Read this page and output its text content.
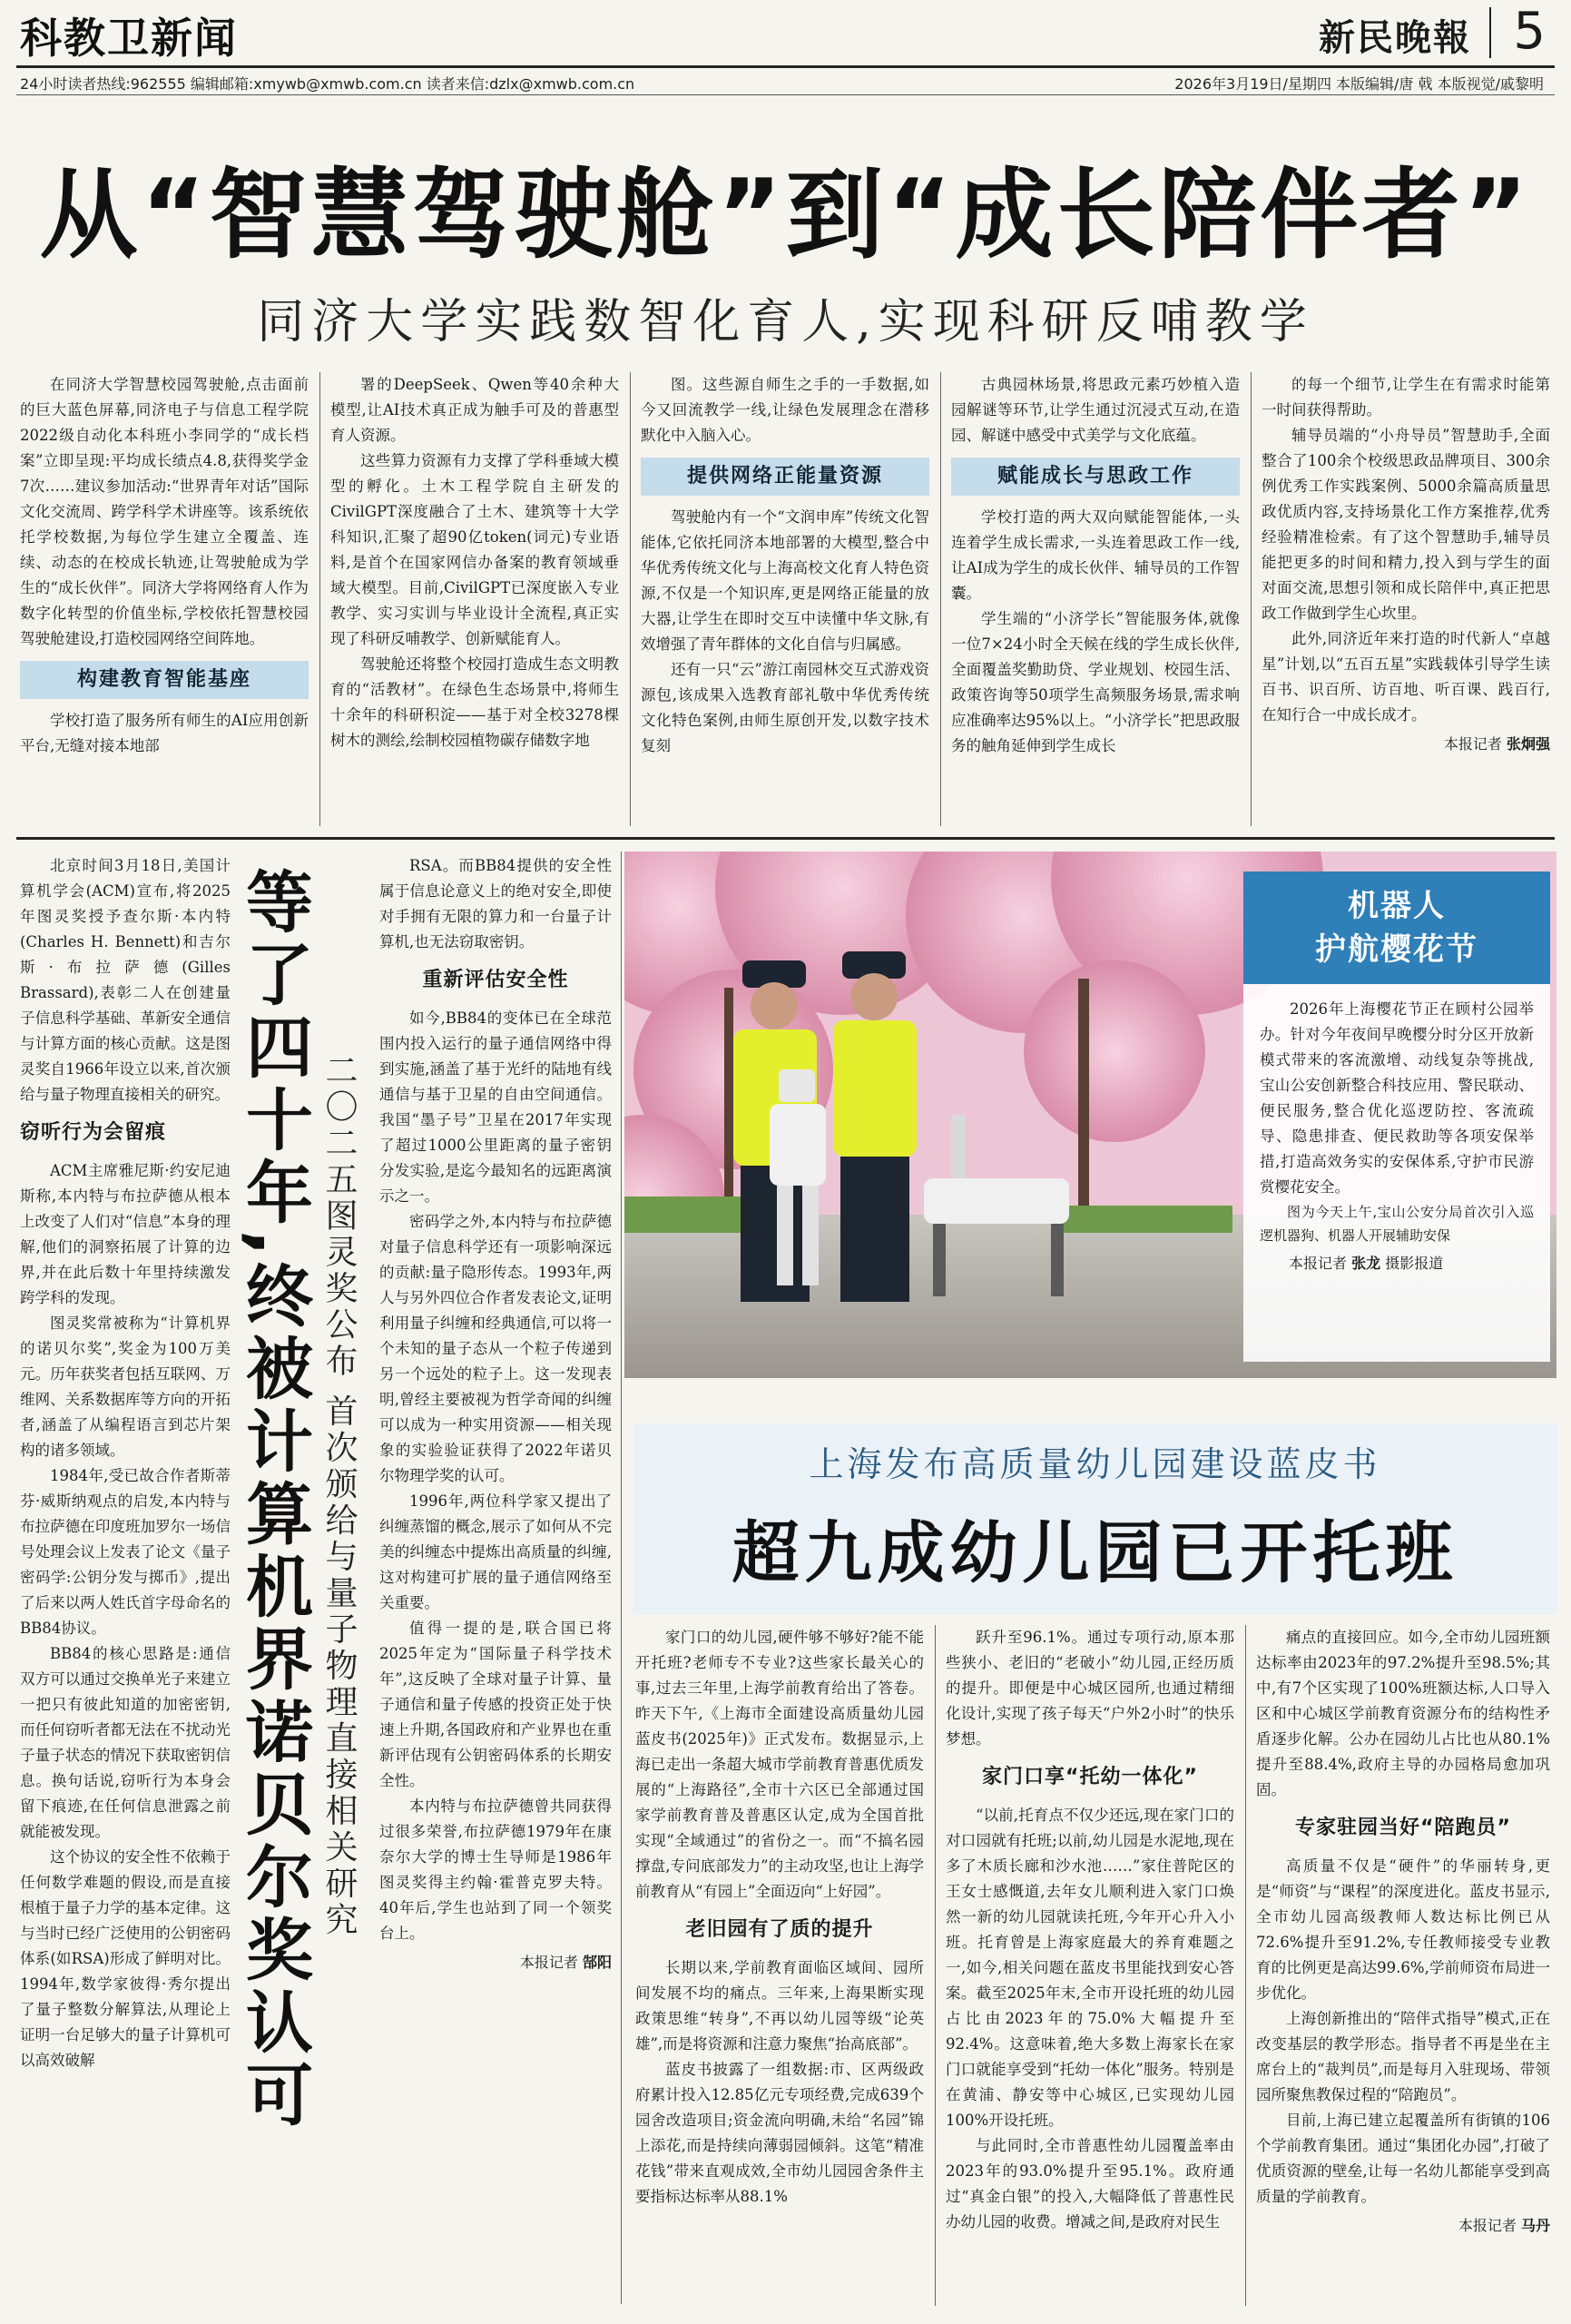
科教卫新闻	新民晚報 5
24小时读者热线:962555 编辑邮箱:xmywb@xmwb.com.cn 读者来信:dzlx@xmwb.com.cn	2026年3月19日/星期四 本版编辑/唐 戟 本版视觉/戚黎明
从“智慧驾驶舱”到“成长陪伴者”
同济大学实践数智化育人,实现科研反哺教学

在同济大学智慧校园驾驶舱,点击面前的巨大蓝色屏幕,同济电子与信息工程学院2022级自动化本科班小李同学的“成长档案”立即呈现:平均成长绩点4.8,获得奖学金7次……建议参加活动:“世界青年对话”国际文化交流周、跨学科学术讲座等。该系统依托学校数据,为每位学生建立全覆盖、连续、动态的在校成长轨迹,让驾驶舱成为学生的“成长伙伴”。同济大学将网络育人作为数字化转型的价值坐标,学校依托智慧校园驾驶舱建设,打造校园网络空间阵地。

构建教育智能基座

学校打造了服务所有师生的AI应用创新平台,无缝对接本地部

署的DeepSeek、Qwen等40余种大模型,让AI技术真正成为触手可及的普惠型育人资源。

这些算力资源有力支撑了学科垂域大模型的孵化。土木工程学院自主研发的CivilGPT深度融合了土木、建筑等十大学科知识,汇聚了超90亿token(词元)专业语料,是首个在国家网信办备案的教育领域垂域大模型。目前,CivilGPT已深度嵌入专业教学、实习实训与毕业设计全流程,真正实现了科研反哺教学、创新赋能育人。

驾驶舱还将整个校园打造成生态文明教育的“活教材”。在绿色生态场景中,将师生十余年的科研积淀——基于对全校3278棵树木的测绘,绘制校园植物碳存储数字地

图。这些源自师生之手的一手数据,如今又回流教学一线,让绿色发展理念在潜移默化中入脑入心。

提供网络正能量资源

驾驶舱内有一个“文润申库”传统文化智能体,它依托同济本地部署的大模型,整合中华优秀传统文化与上海高校文化育人特色资源,不仅是一个知识库,更是网络正能量的放大器,让学生在即时交互中读懂中华文脉,有效增强了青年群体的文化自信与归属感。

还有一只“云”游江南园林交互式游戏资源包,该成果入选教育部礼敬中华优秀传统文化特色案例,由师生原创开发,以数字技术复刻

古典园林场景,将思政元素巧妙植入造园解谜等环节,让学生通过沉浸式互动,在造园、解谜中感受中式美学与文化底蕴。

赋能成长与思政工作

学校打造的两大双向赋能智能体,一头连着学生成长需求,一头连着思政工作一线,让AI成为学生的成长伙伴、辅导员的工作智囊。

学生端的“小济学长”智能服务体,就像一位7×24小时全天候在线的学生成长伙伴,全面覆盖奖勤助贷、学业规划、校园生活、政策咨询等50项学生高频服务场景,需求响应准确率达95%以上。“小济学长”把思政服务的触角延伸到学生成长

的每一个细节,让学生在有需求时能第一时间获得帮助。

辅导员端的“小舟导员”智慧助手,全面整合了100余个校级思政品牌项目、300余例优秀工作实践案例、5000余篇高质量思政优质内容,支持场景化工作方案推荐,优秀经验精准检索。有了这个智慧助手,辅导员能把更多的时间和精力,投入到与学生的面对面交流,思想引领和成长陪伴中,真正把思政工作做到学生心坎里。

此外,同济近年来打造的时代新人“卓越星”计划,以“五百五星”实践载体引导学生读百书、识百所、访百地、听百课、践百行,在知行合一中成长成才。

本报记者 张炯强

北京时间3月18日,美国计算机学会(ACM)宣布,将2025年图灵奖授予查尔斯·本内特(Charles H. Bennett)和吉尔斯·布拉萨德(Gilles Brassard),表彰二人在创建量子信息科学基础、革新安全通信与计算方面的核心贡献。这是图灵奖自1966年设立以来,首次颁给与量子物理直接相关的研究。

窃听行为会留痕

ACM主席雅尼斯·约安尼迪斯称,本内特与布拉萨德从根本上改变了人们对“信息”本身的理解,他们的洞察拓展了计算的边界,并在此后数十年里持续激发跨学科的发现。

图灵奖常被称为“计算机界的诺贝尔奖”,奖金为100万美元。历年获奖者包括互联网、万维网、关系数据库等方向的开拓者,涵盖了从编程语言到芯片架构的诸多领域。

1984年,受已故合作者斯蒂芬·威斯纳观点的启发,本内特与布拉萨德在印度班加罗尔一场信号处理会议上发表了论文《量子密码学:公钥分发与掷币》,提出了后来以两人姓氏首字母命名的BB84协议。

BB84的核心思路是:通信双方可以通过交换单光子来建立一把只有彼此知道的加密密钥,而任何窃听者都无法在不扰动光子量子状态的情况下获取密钥信息。换句话说,窃听行为本身会留下痕迹,在任何信息泄露之前就能被发现。

这个协议的安全性不依赖于任何数学难题的假设,而是直接根植于量子力学的基本定律。这与当时已经广泛使用的公钥密码体系(如RSA)形成了鲜明对比。1994年,数学家彼得·秀尔提出了量子整数分解算法,从理论上证明一台足够大的量子计算机可以高效破解	等了四十年,终被计算机界诺贝尔奖认可 二〇二五图灵奖公布 首次颁给与量子物理直接相关研究

RSA。而BB84提供的安全性属于信息论意义上的绝对安全,即使对手拥有无限的算力和一台量子计算机,也无法窃取密钥。

重新评估安全性

如今,BB84的变体已在全球范围内投入运行的量子通信网络中得到实施,涵盖了基于光纤的陆地有线通信与基于卫星的自由空间通信。我国“墨子号”卫星在2017年实现了超过1000公里距离的量子密钥分发实验,是迄今最知名的远距离演示之一。

密码学之外,本内特与布拉萨德对量子信息科学还有一项影响深远的贡献:量子隐形传态。1993年,两人与另外四位合作者发表论文,证明利用量子纠缠和经典通信,可以将一个未知的量子态从一个粒子传递到另一个远处的粒子上。这一发现表明,曾经主要被视为哲学奇闻的纠缠可以成为一种实用资源——相关现象的实验验证获得了2022年诺贝尔物理学奖的认可。

1996年,两位科学家又提出了纠缠蒸馏的概念,展示了如何从不完美的纠缠态中提炼出高质量的纠缠,这对构建可扩展的量子通信网络至关重要。

值得一提的是,联合国已将2025年定为“国际量子科学技术年”,这反映了全球对量子计算、量子通信和量子传感的投资正处于快速上升期,各国政府和产业界也在重新评估现有公钥密码体系的长期安全性。

本内特与布拉萨德曾共同获得过很多荣誉,布拉萨德1979年在康奈尔大学的博士生导师是1986年图灵奖得主约翰·霍普克罗夫特。40年后,学生也站到了同一个领奖台上。

本报记者 郜阳
机器人
护航樱花节

2026年上海樱花节正在顾村公园举办。针对今年夜间早晚樱分时分区开放新模式带来的客流激增、动线复杂等挑战,宝山公安创新整合科技应用、警民联动、便民服务,整合优化巡逻防控、客流疏导、隐患排查、便民救助等各项安保举措,打造高效务实的安保体系,守护市民游赏樱花安全。

图为今天上午,宝山公安分局首次引入巡逻机器狗、机器人开展辅助安保

本报记者 张龙 摄影报道
上海发布高质量幼儿园建设蓝皮书
超九成幼儿园已开托班

家门口的幼儿园,硬件够不够好?能不能开托班?老师专不专业?这些家长最关心的事,过去三年里,上海学前教育给出了答卷。昨天下午,《上海市全面建设高质量幼儿园蓝皮书(2025年)》正式发布。数据显示,上海已走出一条超大城市学前教育普惠优质发展的“上海路径”,全市十六区已全部通过国家学前教育普及普惠区认定,成为全国首批实现“全域通过”的省份之一。而“不搞名园撑盘,专问底部发力”的主动攻坚,也让上海学前教育从“有园上”全面迈向“上好园”。

老旧园有了质的提升

长期以来,学前教育面临区域间、园所间发展不均的痛点。三年来,上海果断实现政策思维“转身”,不再以幼儿园等级“论英雄”,而是将资源和注意力聚焦“抬高底部”。

蓝皮书披露了一组数据:市、区两级政府累计投入12.85亿元专项经费,完成639个园舍改造项目;资金流向明确,未给“名园”锦上添花,而是持续向薄弱园倾斜。这笔“精准花钱”带来直观成效,全市幼儿园园舍条件主要指标达标率从88.1%

跃升至96.1%。通过专项行动,原本那些狭小、老旧的“老破小”幼儿园,正经历质的提升。即便是中心城区园所,也通过精细化设计,实现了孩子每天“户外2小时”的快乐梦想。

家门口享“托幼一体化”

“以前,托育点不仅少还远,现在家门口的对口园就有托班;以前,幼儿园是水泥地,现在多了木质长廊和沙水池……”家住普陀区的王女士感慨道,去年女儿顺利进入家门口焕然一新的幼儿园就读托班,今年开心升入小班。托育曾是上海家庭最大的养育难题之一,如今,相关问题在蓝皮书里能找到安心答案。截至2025年末,全市开设托班的幼儿园占比由2023年的75.0%大幅提升至92.4%。这意味着,绝大多数上海家长在家门口就能享受到“托幼一体化”服务。特别是在黄浦、静安等中心城区,已实现幼儿园100%开设托班。

与此同时,全市普惠性幼儿园覆盖率由2023年的93.0%提升至95.1%。政府通过“真金白银”的投入,大幅降低了普惠性民办幼儿园的收费。增减之间,是政府对民生

痛点的直接回应。如今,全市幼儿园班额达标率由2023年的97.2%提升至98.5%;其中,有7个区实现了100%班额达标,人口导入区和中心城区学前教育资源分布的结构性矛盾逐步化解。公办在园幼儿占比也从80.1%提升至88.4%,政府主导的办园格局愈加巩固。

专家驻园当好“陪跑员”

高质量不仅是“硬件”的华丽转身,更是“师资”与“课程”的深度进化。蓝皮书显示,全市幼儿园高级教师人数达标比例已从72.6%提升至91.2%,专任教师接受专业教育的比例更是高达99.6%,学前师资布局进一步优化。

上海创新推出的“陪伴式指导”模式,正在改变基层的教学形态。指导者不再是坐在主席台上的“裁判员”,而是每月入驻现场、带领园所聚焦教保过程的“陪跑员”。

目前,上海已建立起覆盖所有街镇的106个学前教育集团。通过“集团化办园”,打破了优质资源的壁垒,让每一名幼儿都能享受到高质量的学前教育。

本报记者 马丹
